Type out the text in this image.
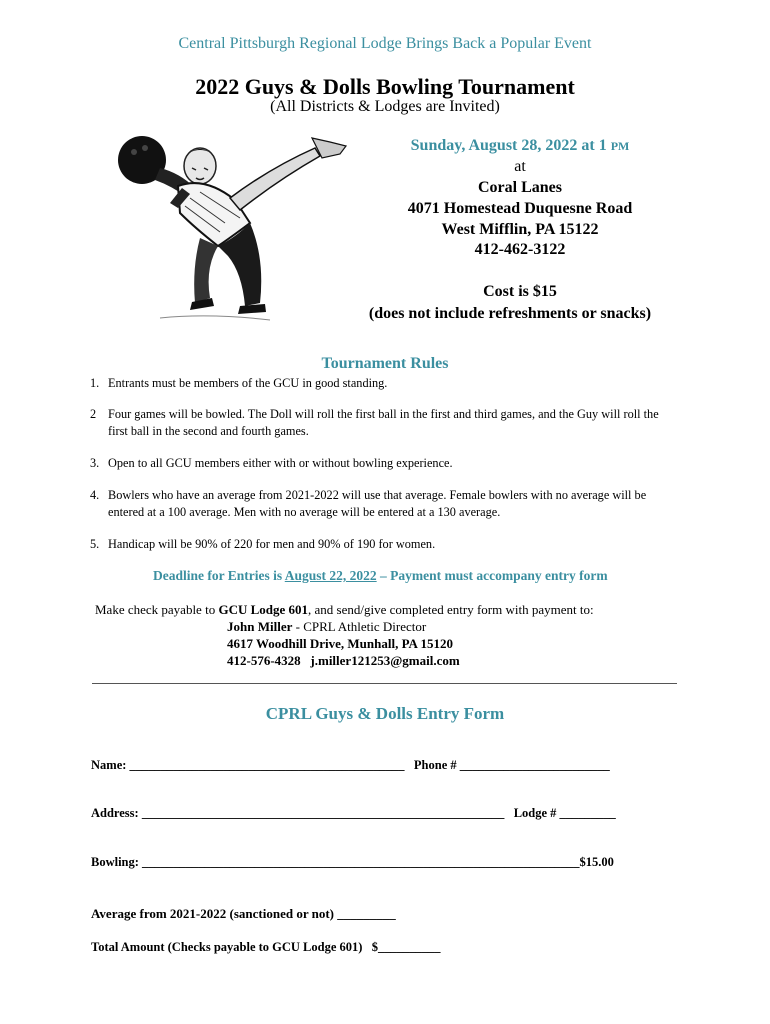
Central Pittsburgh Regional Lodge Brings Back a Popular Event
2022 Guys & Dolls Bowling Tournament
(All Districts & Lodges are Invited)
Sunday, August 28, 2022 at 1 PM
at
Coral Lanes
4071 Homestead Duquesne Road
West Mifflin, PA 15122
412-462-3122
Cost is $15
(does not include refreshments or snacks)
Tournament Rules
1. Entrants must be members of the GCU in good standing.
2 Four games will be bowled. The Doll will roll the first ball in the first and third games, and the Guy will roll the first ball in the second and fourth games.
3. Open to all GCU members either with or without bowling experience.
4. Bowlers who have an average from 2021-2022 will use that average. Female bowlers with no average will be entered at a 100 average. Men with no average will be entered at a 130 average.
5. Handicap will be 90% of 220 for men and 90% of 190 for women.
Deadline for Entries is August 22, 2022 – Payment must accompany entry form
Make check payable to GCU Lodge 601, and send/give completed entry form with payment to:
John Miller - CPRL Athletic Director
4617 Woodhill Drive, Munhall, PA 15120
412-576-4328   j.miller121253@gmail.com
CPRL Guys & Dolls Entry Form
Name: ____________________________________________   Phone # ________________________
Address: __________________________________________________________   Lodge # _________
Bowling: ______________________________________________________________________$15.00
Average from 2021-2022 (sanctioned or not) _________
Total Amount (Checks payable to GCU Lodge 601)   $__________
